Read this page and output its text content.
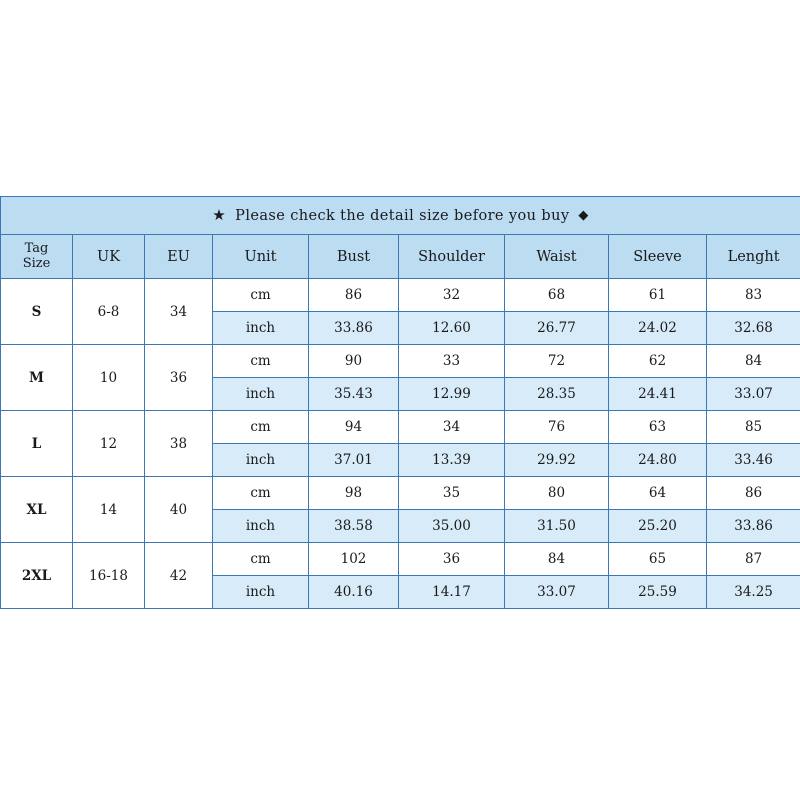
★ Please check the detail size before you buy ◆								

Tag
Size	UK	EU	Unit	Bust	Shoulder	Waist	Sleeve	Lenght
S	6-8	34	cm	86	32	68	61	83
			inch	33.86	12.60	26.77	24.02	32.68
M	10	36	cm	90	33	72	62	84
			inch	35.43	12.99	28.35	24.41	33.07
L	12	38	cm	94	34	76	63	85
			inch	37.01	13.39	29.92	24.80	33.46
XL	14	40	cm	98	35	80	64	86
			inch	38.58	35.00	31.50	25.20	33.86
2XL	16-18	42	cm	102	36	84	65	87
			inch	40.16	14.17	33.07	25.59	34.25
